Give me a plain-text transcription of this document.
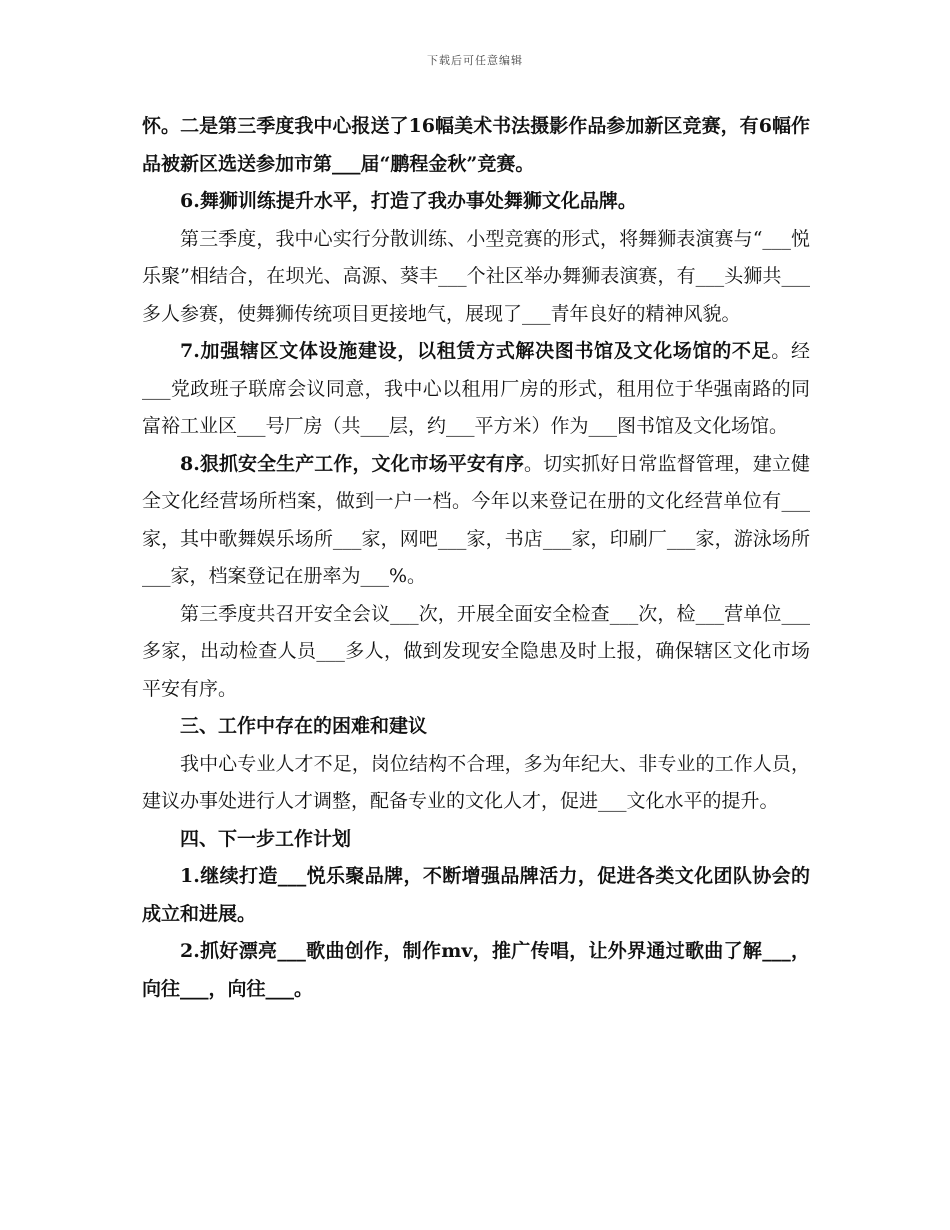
下载后可任意编辑

怀。二是第三季度我中心报送了16幅美术书法摄影作品参加新区竞赛，有6幅作品被新区选送参加市第___届“鹏程金秋”竞赛。

6.舞狮训练提升水平，打造了我办事处舞狮文化品牌。

第三季度，我中心实行分散训练、小型竞赛的形式，将舞狮表演赛与“___悦乐聚”相结合，在坝光、高源、葵丰___个社区举办舞狮表演赛，有___头狮共___多人参赛，使舞狮传统项目更接地气，展现了___青年良好的精神风貌。

7.加强辖区文体设施建设，以租赁方式解决图书馆及文化场馆的不足。经___党政班子联席会议同意，我中心以租用厂房的形式，租用位于华强南路的同富裕工业区___号厂房（共___层，约___平方米）作为___图书馆及文化场馆。

8.狠抓安全生产工作，文化市场平安有序。切实抓好日常监督管理，建立健全文化经营场所档案，做到一户一档。今年以来登记在册的文化经营单位有___家，其中歌舞娱乐场所___家，网吧___家，书店___家，印刷厂___家，游泳场所___家，档案登记在册率为___%。

第三季度共召开安全会议___次，开展全面安全检查___次，检___营单位___多家，出动检查人员___多人，做到发现安全隐患及时上报，确保辖区文化市场平安有序。

三、工作中存在的困难和建议

我中心专业人才不足，岗位结构不合理，多为年纪大、非专业的工作人员，建议办事处进行人才调整，配备专业的文化人才，促进___文化水平的提升。

四、下一步工作计划

1.继续打造___悦乐聚品牌，不断增强品牌活力，促进各类文化团队协会的成立和进展。

2.抓好漂亮___歌曲创作，制作mv，推广传唱，让外界通过歌曲了解___，向往___，向往___。
